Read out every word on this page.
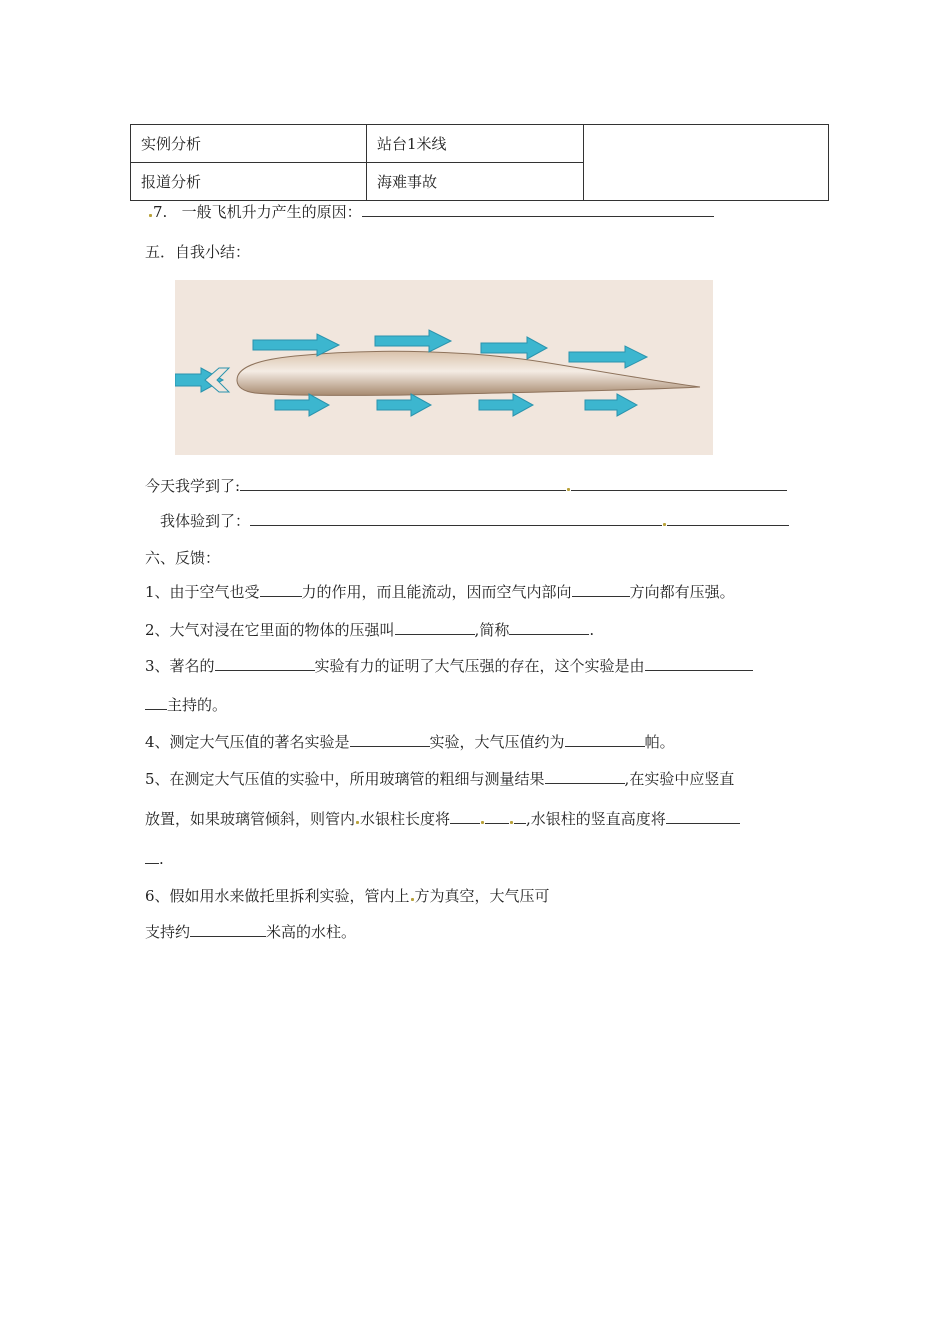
实例分析	站台1米线	
报道分析	海难事故	
7. 一般飞机升力产生的原因：
五．自我小结：
今天我学到了:
我体验到了：
六、反馈：
1、由于空气也受	力的作用，而且能流动，因而空气内部向	方向都有压强。
2、大气对浸在它里面的物体的压强叫	,简称	.
3、著名的	实验有力的证明了大气压强的存在，这个实验是由
主持的。
4、测定大气压值的著名实验是	实验，大气压值约为	帕。
5、在测定大气压值的实验中，所用玻璃管的粗细与测量结果	,在实验中应竖直
放置，如果玻璃管倾斜，则管内 水银柱长度将	,水银柱的竖直高度将
.
6、假如用水来做托里拆利实验，管内上 方为真空，大气压可
支持约	米高的水柱。
